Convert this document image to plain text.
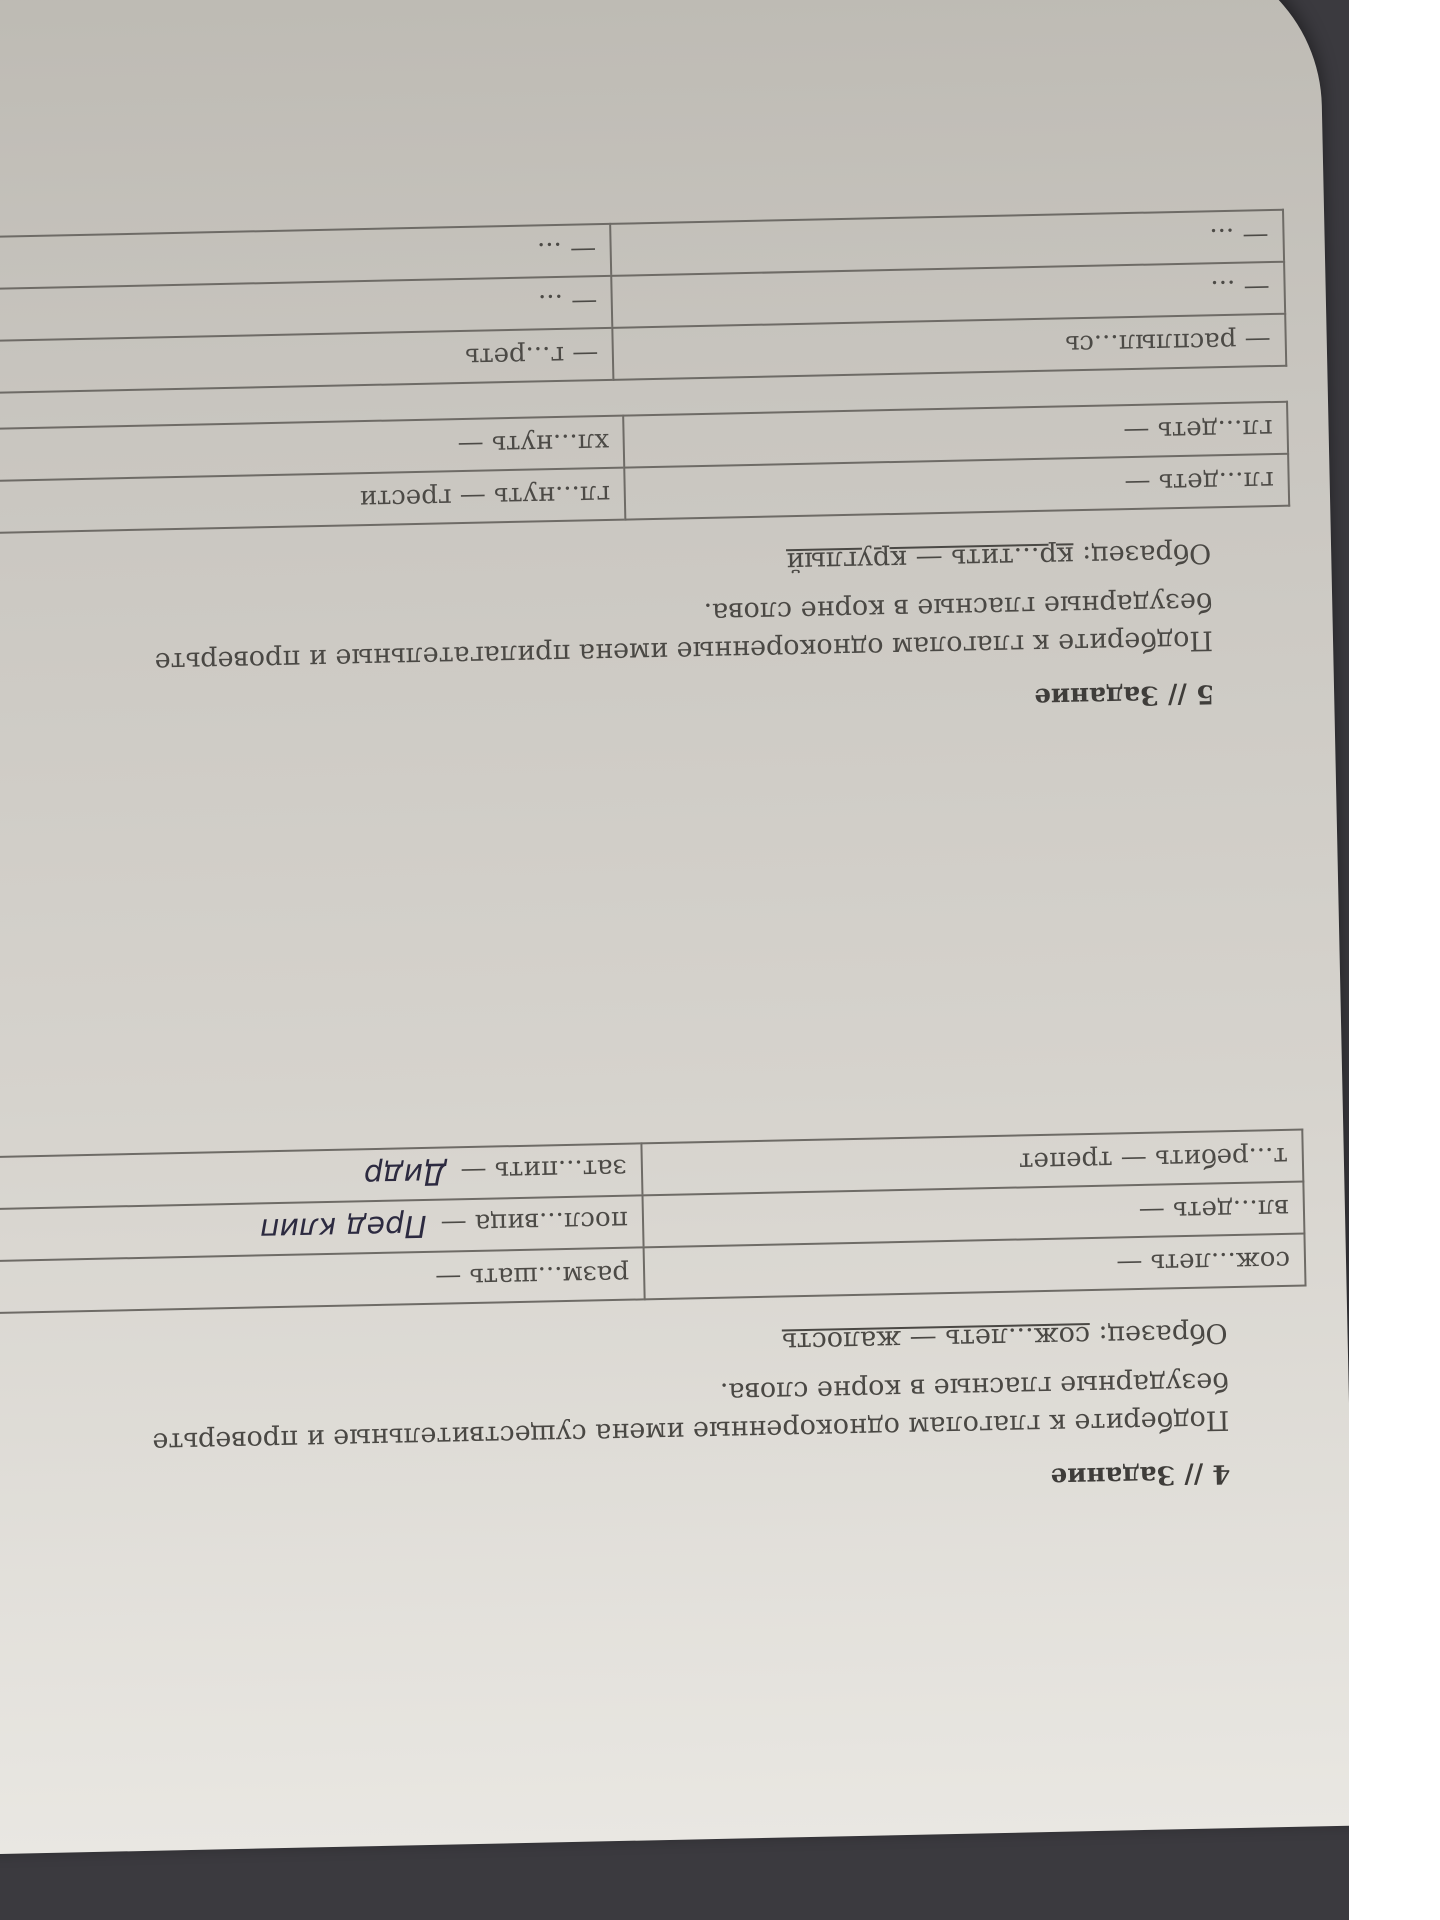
4 // Задание
Подберите к глаголам однокоренные имена существительные и проверьте безударные гласные в корне слова.
Образец: сож...леть — жалость
сож...леть —	разм...шать —
вл...деть —	посл...вица —Пред клип
т...ребить — трепет	зат...пить —Дидр
5 // Задание
Подберите к глаголам однокоренные имена прилагательные и проверьте безударные гласные в корне слова.
Образец: кр...тить — круглый
гл...деть —	гл...нуть — грести
гл...деть —	хл...нуть —
— расплыл...сь	— г...реть
— ...	— ...
— ...	— ...
